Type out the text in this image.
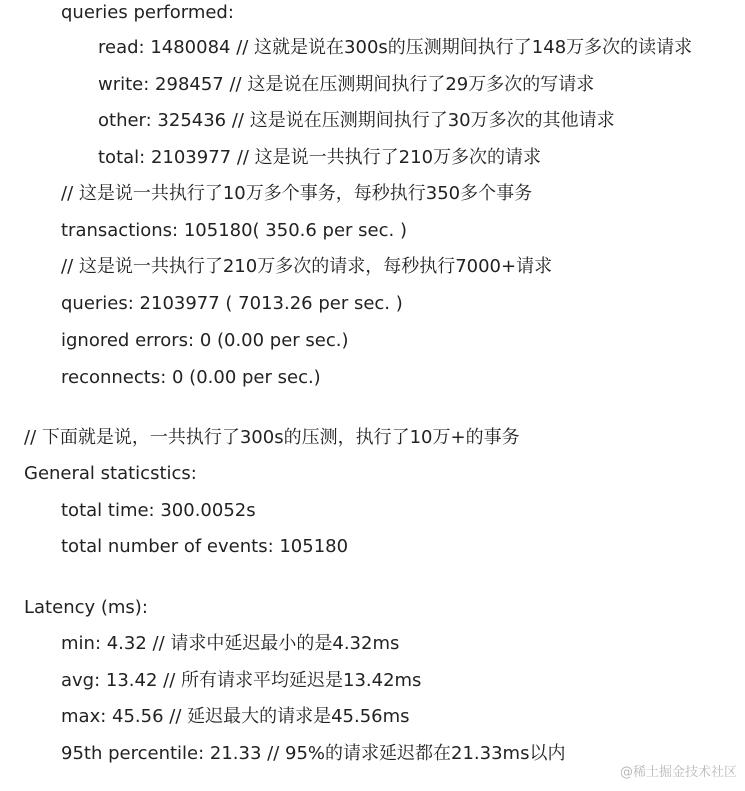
queries performed:
read: 1480084 // 这就是说在300s的压测期间执行了148万多次的读请求
write: 298457 // 这是说在压测期间执行了29万多次的写请求
other: 325436 // 这是说在压测期间执行了30万多次的其他请求
total: 2103977 // 这是说一共执行了210万多次的请求
// 这是说一共执行了10万多个事务，每秒执行350多个事务
transactions: 105180( 350.6 per sec. )
// 这是说一共执行了210万多次的请求，每秒执行7000+请求
queries: 2103977 ( 7013.26 per sec. )
ignored errors: 0 (0.00 per sec.)
reconnects: 0 (0.00 per sec.)
// 下面就是说，一共执行了300s的压测，执行了10万+的事务
General staticstics:
total time: 300.0052s
total number of events: 105180
Latency (ms):
min: 4.32 // 请求中延迟最小的是4.32ms
avg: 13.42 // 所有请求平均延迟是13.42ms
max: 45.56 // 延迟最大的请求是45.56ms
95th percentile: 21.33 // 95%的请求延迟都在21.33ms以内
@稀土掘金技术社区
